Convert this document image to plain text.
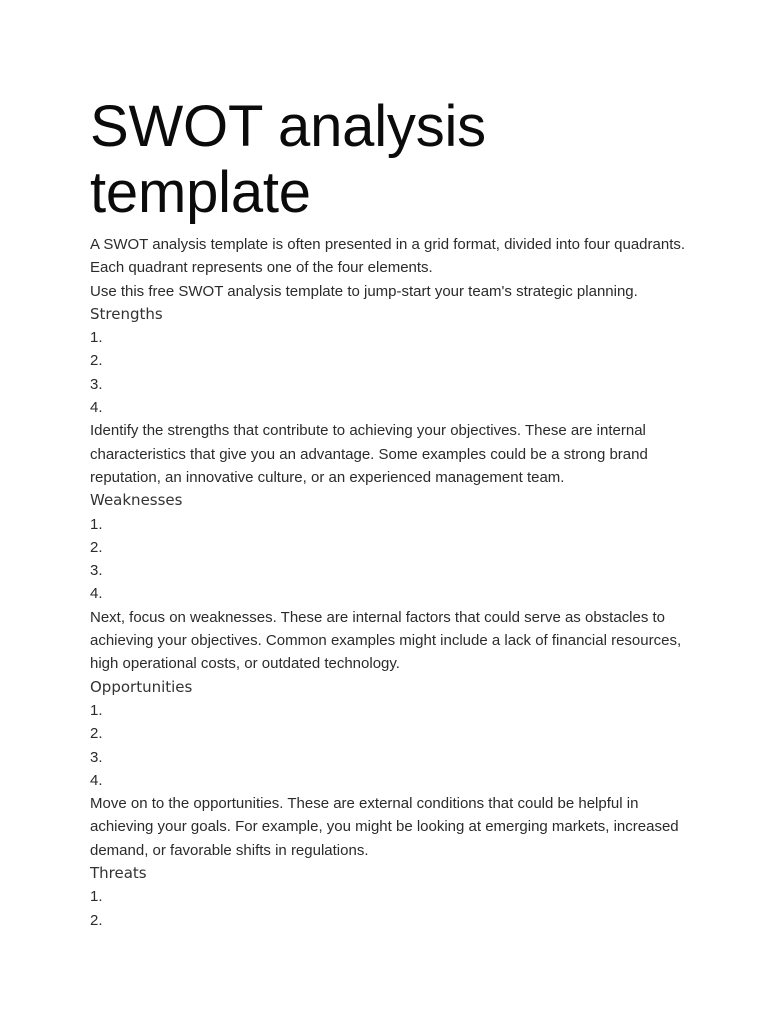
SWOT analysis template

A SWOT analysis template is often presented in a grid format, divided into four quadrants. Each quadrant represents one of the four elements.

Use this free SWOT analysis template to jump-start your team's strategic planning.

Strengths

1.
2.
3.
4.

Identify the strengths that contribute to achieving your objectives. These are internal characteristics that give you an advantage. Some examples could be a strong brand reputation, an innovative culture, or an experienced management team.

Weaknesses

1.
2.
3.
4.

Next, focus on weaknesses. These are internal factors that could serve as obstacles to achieving your objectives. Common examples might include a lack of financial resources, high operational costs, or outdated technology.

Opportunities

1.
2.
3.
4.

Move on to the opportunities. These are external conditions that could be helpful in achieving your goals. For example, you might be looking at emerging markets, increased demand, or favorable shifts in regulations.

Threats

1.
2.
